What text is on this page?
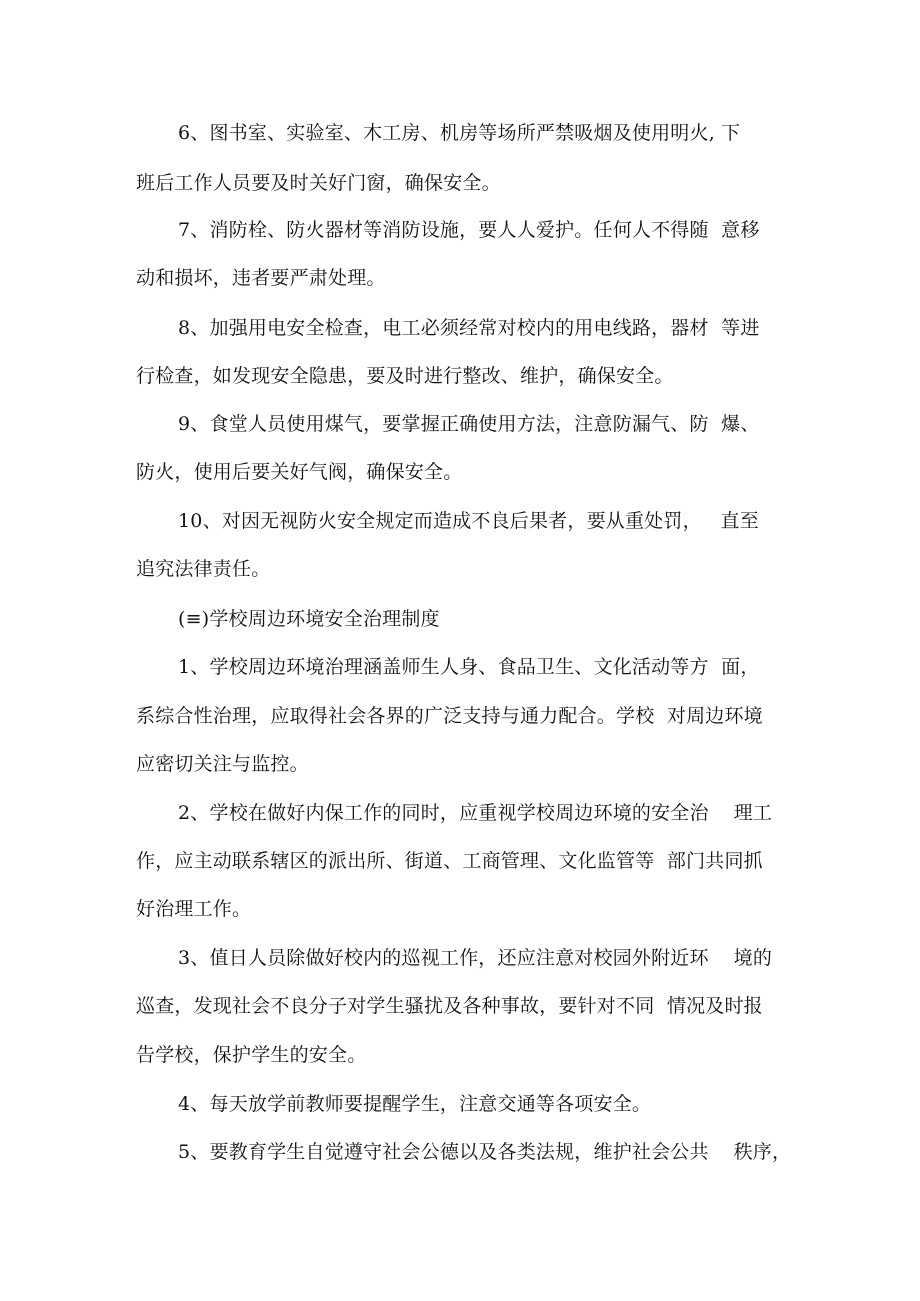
6、图书室、实验室、木工房、机房等场所严禁吸烟及使用明火, 下
班后工作人员要及时关好门窗，确保安全。
7、消防栓、防火器材等消防设施，要人人爱护。任何人不得随  意移
动和损坏，违者要严肃处理。
8、加强用电安全检查，电工必须经常对校内的用电线路，器材  等进
行检查，如发现安全隐患，要及时进行整改、维护，确保安全。
9、食堂人员使用煤气，要掌握正确使用方法，注意防漏气、防  爆、
防火，使用后要关好气阀，确保安全。
10、对因无视防火安全规定而造成不良后果者，要从重处罚，   直至
追究法律责任。
(≡)学校周边环境安全治理制度
1、学校周边环境治理涵盖师生人身、食品卫生、文化活动等方  面，
系综合性治理，应取得社会各界的广泛支持与通力配合。学校  对周边环境
应密切关注与监控。
2、学校在做好内保工作的同时，应重视学校周边环境的安全治    理工
作，应主动联系辖区的派出所、街道、工商管理、文化监管等  部门共同抓
好治理工作。
3、值日人员除做好校内的巡视工作，还应注意对校园外附近环    境的
巡查，发现社会不良分子对学生骚扰及各种事故，要针对不同  情况及时报
告学校，保护学生的安全。
4、每天放学前教师要提醒学生，注意交通等各项安全。
5、要教育学生自觉遵守社会公德以及各类法规，维护社会公共    秩序，
